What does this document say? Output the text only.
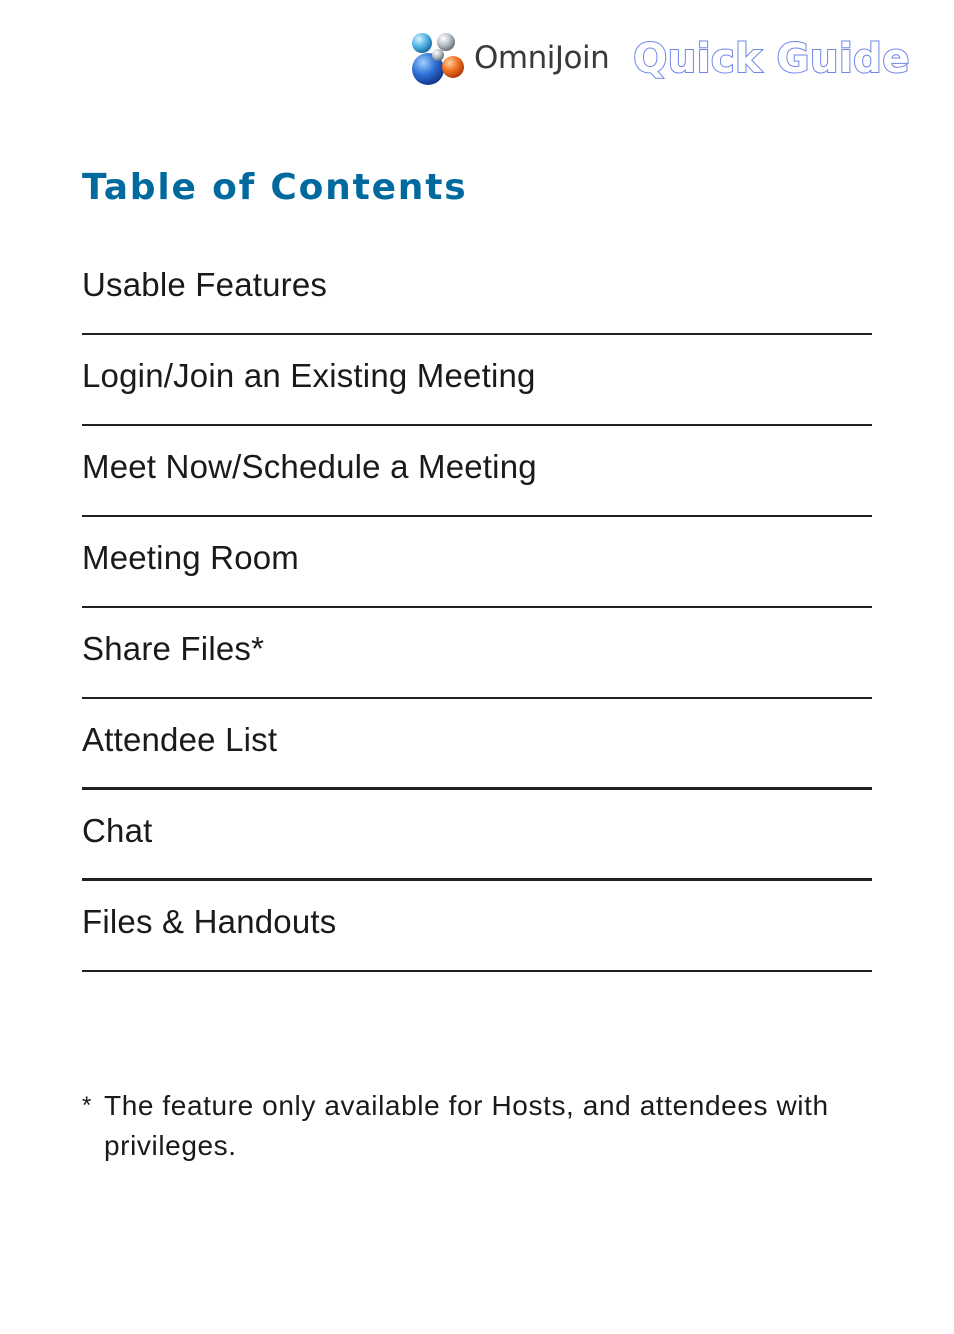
OmniJoin Quick Guide
Table of Contents
Usable Features
Login/Join an Existing Meeting
Meet Now/Schedule a Meeting
Meeting Room
Share Files*
Attendee List
Chat
Files & Handouts
* The feature only available for Hosts, and attendees with privileges.
